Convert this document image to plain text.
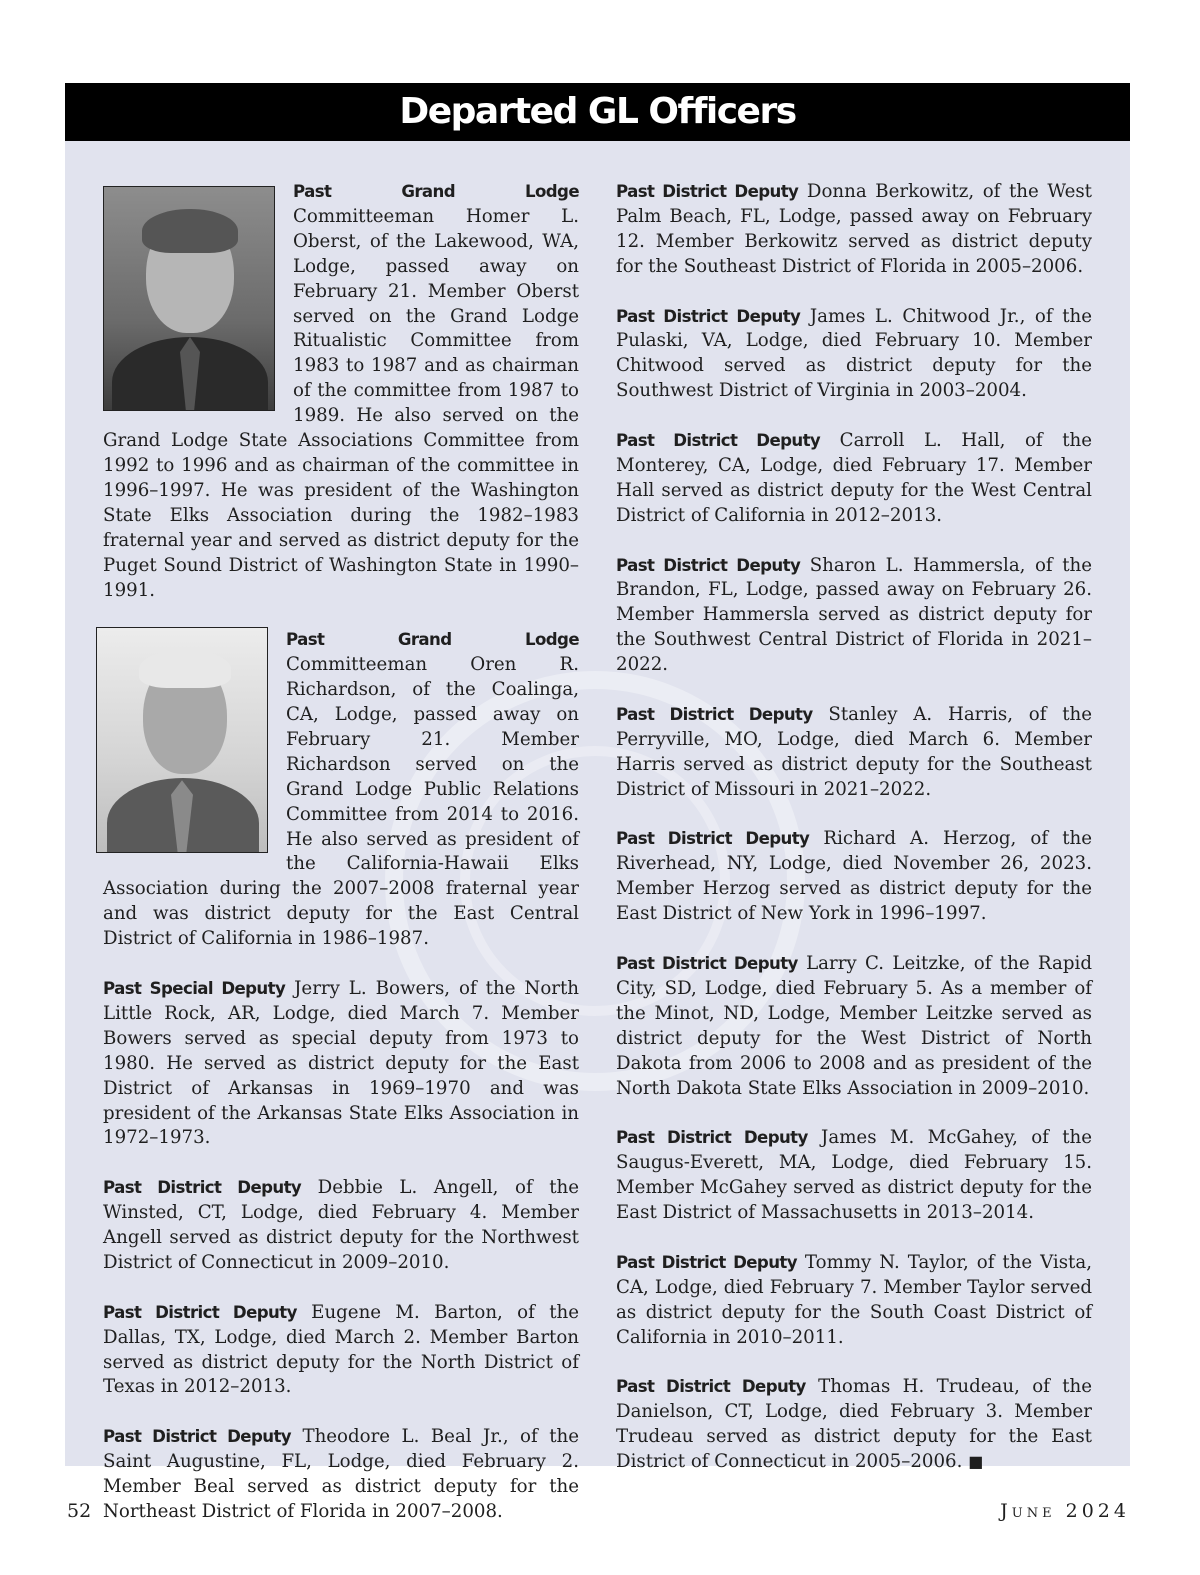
Departed GL Officers

Past Grand Lodge Committeeman Homer L. Oberst, of the Lakewood, WA, Lodge, passed away on February 21. Member Oberst served on the Grand Lodge Ritualistic Committee from 1983 to 1987 and as chairman of the committee from 1987 to 1989. He also served on the Grand Lodge State Associations Committee from 1992 to 1996 and as chairman of the committee in 1996–1997. He was president of the Washington State Elks Association during the 1982–1983 fraternal year and served as district deputy for the Puget Sound District of Washington State in 1990–1991.

Past Grand Lodge Committeeman Oren R. Richardson, of the Coalinga, CA, Lodge, passed away on February 21. Member Richardson served on the Grand Lodge Public Relations Committee from 2014 to 2016. He also served as president of the California-Hawaii Elks Association during the 2007–2008 fraternal year and was district deputy for the East Central District of California in 1986–1987.

Past Special Deputy Jerry L. Bowers, of the North Little Rock, AR, Lodge, died March 7. Member Bowers served as special deputy from 1973 to 1980. He served as district deputy for the East District of Arkansas in 1969–1970 and was president of the Arkansas State Elks Association in 1972–1973.

Past District Deputy Debbie L. Angell, of the Winsted, CT, Lodge, died February 4. Member Angell served as district deputy for the Northwest District of Connecticut in 2009–2010.

Past District Deputy Eugene M. Barton, of the Dallas, TX, Lodge, died March 2. Member Barton served as district deputy for the North District of Texas in 2012–2013.

Past District Deputy Theodore L. Beal Jr., of the Saint Augustine, FL, Lodge, died February 2. Member Beal served as district deputy for the Northeast District of Florida in 2007–2008.

Past District Deputy Donna Berkowitz, of the West Palm Beach, FL, Lodge, passed away on February 12. Member Berkowitz served as district deputy for the Southeast District of Florida in 2005–2006.

Past District Deputy James L. Chitwood Jr., of the Pulaski, VA, Lodge, died February 10. Member Chitwood served as district deputy for the Southwest District of Virginia in 2003–2004.

Past District Deputy Carroll L. Hall, of the Monterey, CA, Lodge, died February 17. Member Hall served as district deputy for the West Central District of California in 2012–2013.

Past District Deputy Sharon L. Hammersla, of the Brandon, FL, Lodge, passed away on February 26. Member Hammersla served as district deputy for the Southwest Central District of Florida in 2021–2022.

Past District Deputy Stanley A. Harris, of the Perryville, MO, Lodge, died March 6. Member Harris served as district deputy for the Southeast District of Missouri in 2021–2022.

Past District Deputy Richard A. Herzog, of the Riverhead, NY, Lodge, died November 26, 2023. Member Herzog served as district deputy for the East District of New York in 1996–1997.

Past District Deputy Larry C. Leitzke, of the Rapid City, SD, Lodge, died February 5. As a member of the Minot, ND, Lodge, Member Leitzke served as district deputy for the West District of North Dakota from 2006 to 2008 and as president of the North Dakota State Elks Association in 2009–2010.

Past District Deputy James M. McGahey, of the Saugus-Everett, MA, Lodge, died February 15. Member McGahey served as district deputy for the East District of Massachusetts in 2013–2014.

Past District Deputy Tommy N. Taylor, of the Vista, CA, Lodge, died February 7. Member Taylor served as district deputy for the South Coast District of California in 2010–2011.

Past District Deputy Thomas H. Trudeau, of the Danielson, CT, Lodge, died February 3. Member Trudeau served as district deputy for the East District of Connecticut in 2005–2006. ■

52	June 2024
